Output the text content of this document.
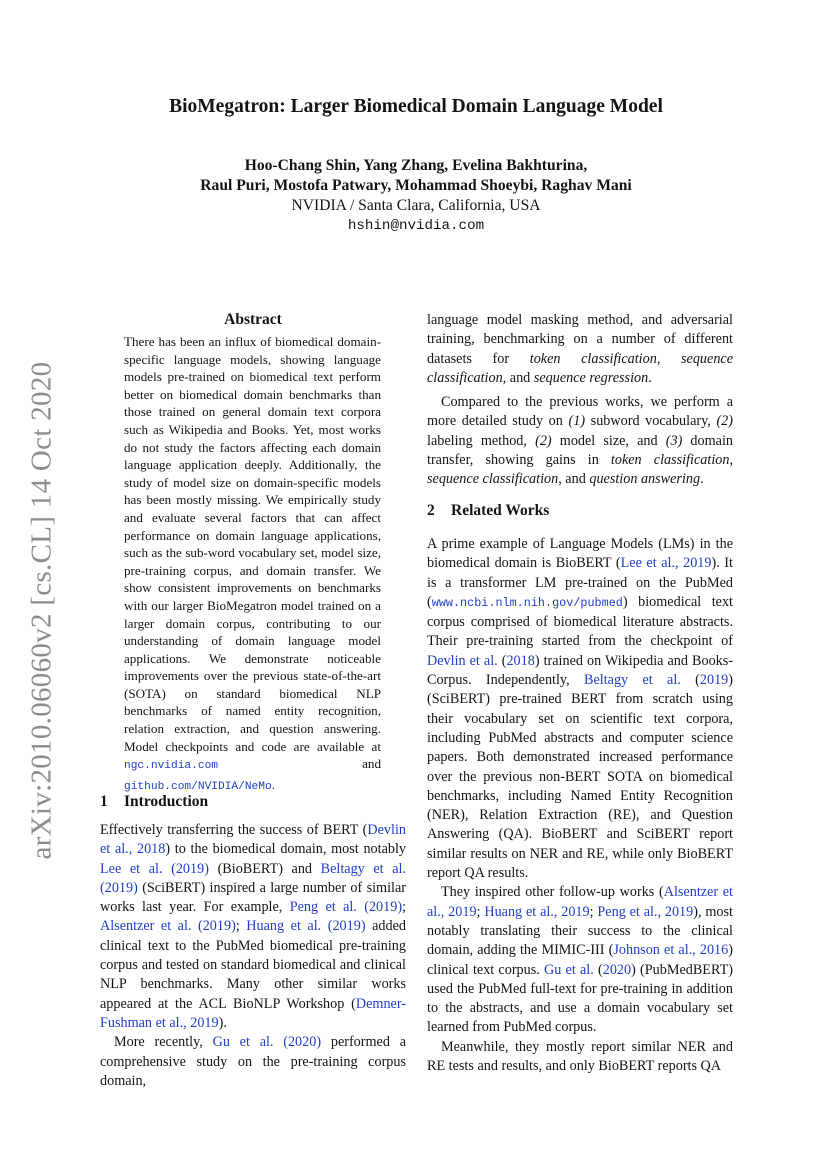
arXiv:2010.06060v2 [cs.CL] 14 Oct 2020
BioMegatron: Larger Biomedical Domain Language Model
Hoo-Chang Shin, Yang Zhang, Evelina Bakhturina,
Raul Puri, Mostofa Patwary, Mohammad Shoeybi, Raghav Mani
NVIDIA / Santa Clara, California, USA
hshin@nvidia.com
Abstract

There has been an influx of biomedical domain-specific language models, showing language models pre-trained on biomedical text perform better on biomedical domain benchmarks than those trained on general domain text corpora such as Wikipedia and Books. Yet, most works do not study the factors affecting each domain language application deeply. Additionally, the study of model size on domain-specific models has been mostly missing. We empirically study and evaluate several factors that can affect performance on domain language applications, such as the sub-word vocabulary set, model size, pre-training corpus, and domain transfer. We show consistent improvements on benchmarks with our larger BioMegatron model trained on a larger domain corpus, contributing to our understanding of domain language model applications. We demonstrate noticeable improvements over the previous state-of-the-art (SOTA) on standard biomedical NLP benchmarks of named entity recognition, relation extraction, and question answering. Model checkpoints and code are available at ngc.nvidia.com	and github.com/NVIDIA/NeMo.

1 Introduction

Effectively transferring the success of BERT (Devlin et al., 2018) to the biomedical domain, most notably Lee et al. (2019) (BioBERT) and Beltagy et al. (2019) (SciBERT) inspired a large number of similar works last year. For example, Peng et al. (2019); Alsentzer et al. (2019); Huang et al. (2019) added clinical text to the PubMed biomedical pre-training corpus and tested on standard biomedical and clinical NLP benchmarks. Many other similar works appeared at the ACL BioNLP Workshop (Demner-Fushman et al., 2019).

More recently, Gu et al. (2020) performed a comprehensive study on the pre-training corpus domain,

language model masking method, and adversarial training, benchmarking on a number of different datasets for token classification, sequence classification, and sequence regression.

Compared to the previous works, we perform a more detailed study on (1) subword vocabulary, (2) labeling method, (2) model size, and (3) domain transfer, showing gains in token classification, sequence classification, and question answering.

2 Related Works

A prime example of Language Models (LMs) in the biomedical domain is BioBERT (Lee et al., 2019). It is a transformer LM pre-trained on the PubMed (www.ncbi.nlm.nih.gov/pubmed) biomedical text corpus comprised of biomedical literature abstracts. Their pre-training started from the checkpoint of Devlin et al. (2018) trained on Wikipedia and Books-Corpus. Independently, Beltagy et al. (2019) (SciBERT) pre-trained BERT from scratch using their vocabulary set on scientific text corpora, including PubMed abstracts and computer science papers. Both demonstrated increased performance over the previous non-BERT SOTA on biomedical benchmarks, including Named Entity Recognition (NER), Relation Extraction (RE), and Question Answering (QA). BioBERT and SciBERT report similar results on NER and RE, while only BioBERT report QA results.

They inspired other follow-up works (Alsentzer et al., 2019; Huang et al., 2019; Peng et al., 2019), most notably translating their success to the clinical domain, adding the MIMIC-III (Johnson et al., 2016) clinical text corpus. Gu et al. (2020) (PubMedBERT) used the PubMed full-text for pre-training in addition to the abstracts, and use a domain vocabulary set learned from PubMed corpus.

Meanwhile, they mostly report similar NER and RE tests and results, and only BioBERT reports QA
